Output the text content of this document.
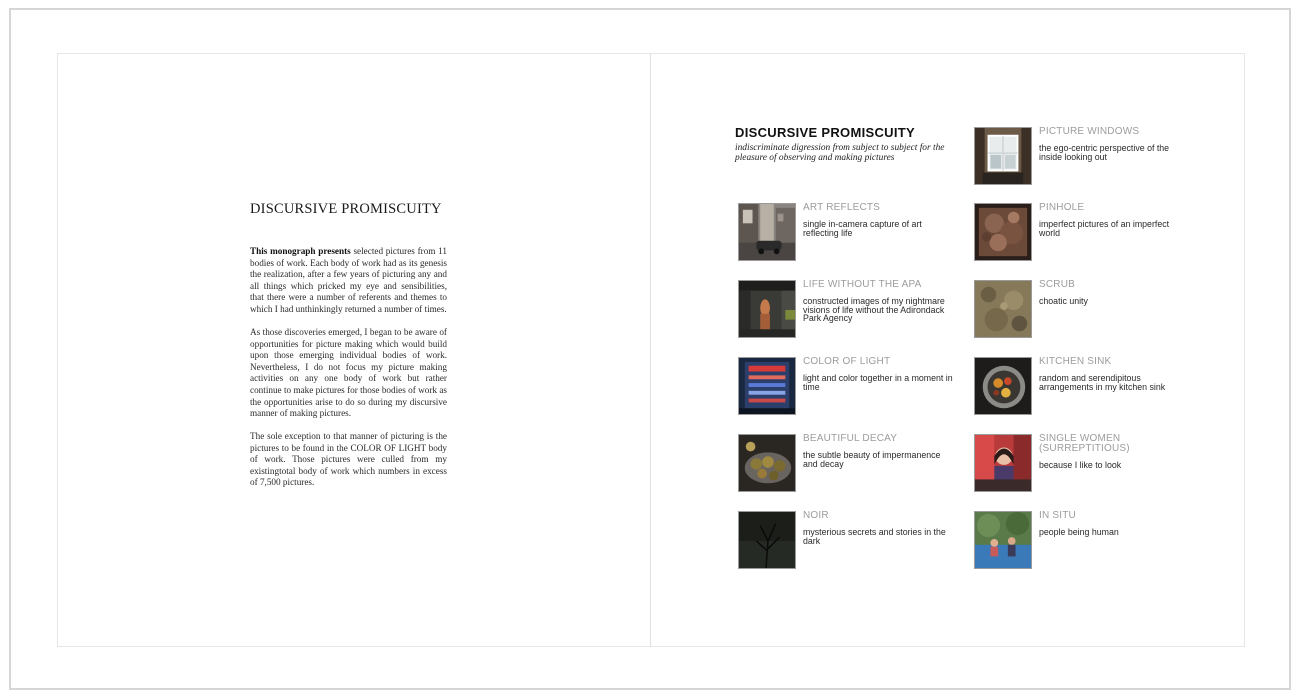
DISCURSIVE PROMISCUITY

This monograph presents selected pictures from 11 bodies of work. Each body of work had as its genesis the realization, after a few years of picturing any and all things which pricked my eye and sensibilities, that there were a number of referents and themes to which I had unthinkingly returned a number of times.

As those discoveries emerged, I began to be aware of opportunities for picture making which would build upon those emerging individual bodies of work. Nevertheless, I do not focus my picture making activities on any one body of work but rather continue to make pictures for those bodies of work as the opportunities arise to do so during my discursive manner of making pictures.

The sole exception to that manner of picturing is the pictures to be found in the COLOR OF LIGHT body of work. Those pictures were culled from my existingtotal body of work which numbers in excess of 7,500 pictures.

DISCURSIVE PROMISCUITY
indiscriminate digression from subject to subject for the pleasure of observing and making pictures
PICTURE WINDOWS
the ego-centric perspective of the inside looking out
ART REFLECTS
single in-camera capture of art reflecting life
PINHOLE
imperfect pictures of an imperfect world
LIFE WITHOUT THE APA
constructed images of my nightmare visions of life without the Adirondack Park Agency
SCRUB
choatic unity
COLOR OF LIGHT
light and color together in a moment in time
KITCHEN SINK
random and serendipitous arrangements in my kitchen sink
BEAUTIFUL DECAY
the subtle beauty of impermanence and decay
SINGLE WOMEN (SURREPTITIOUS)
because I like to look
NOIR
mysterious secrets and stories in the dark
IN SITU
people being human
